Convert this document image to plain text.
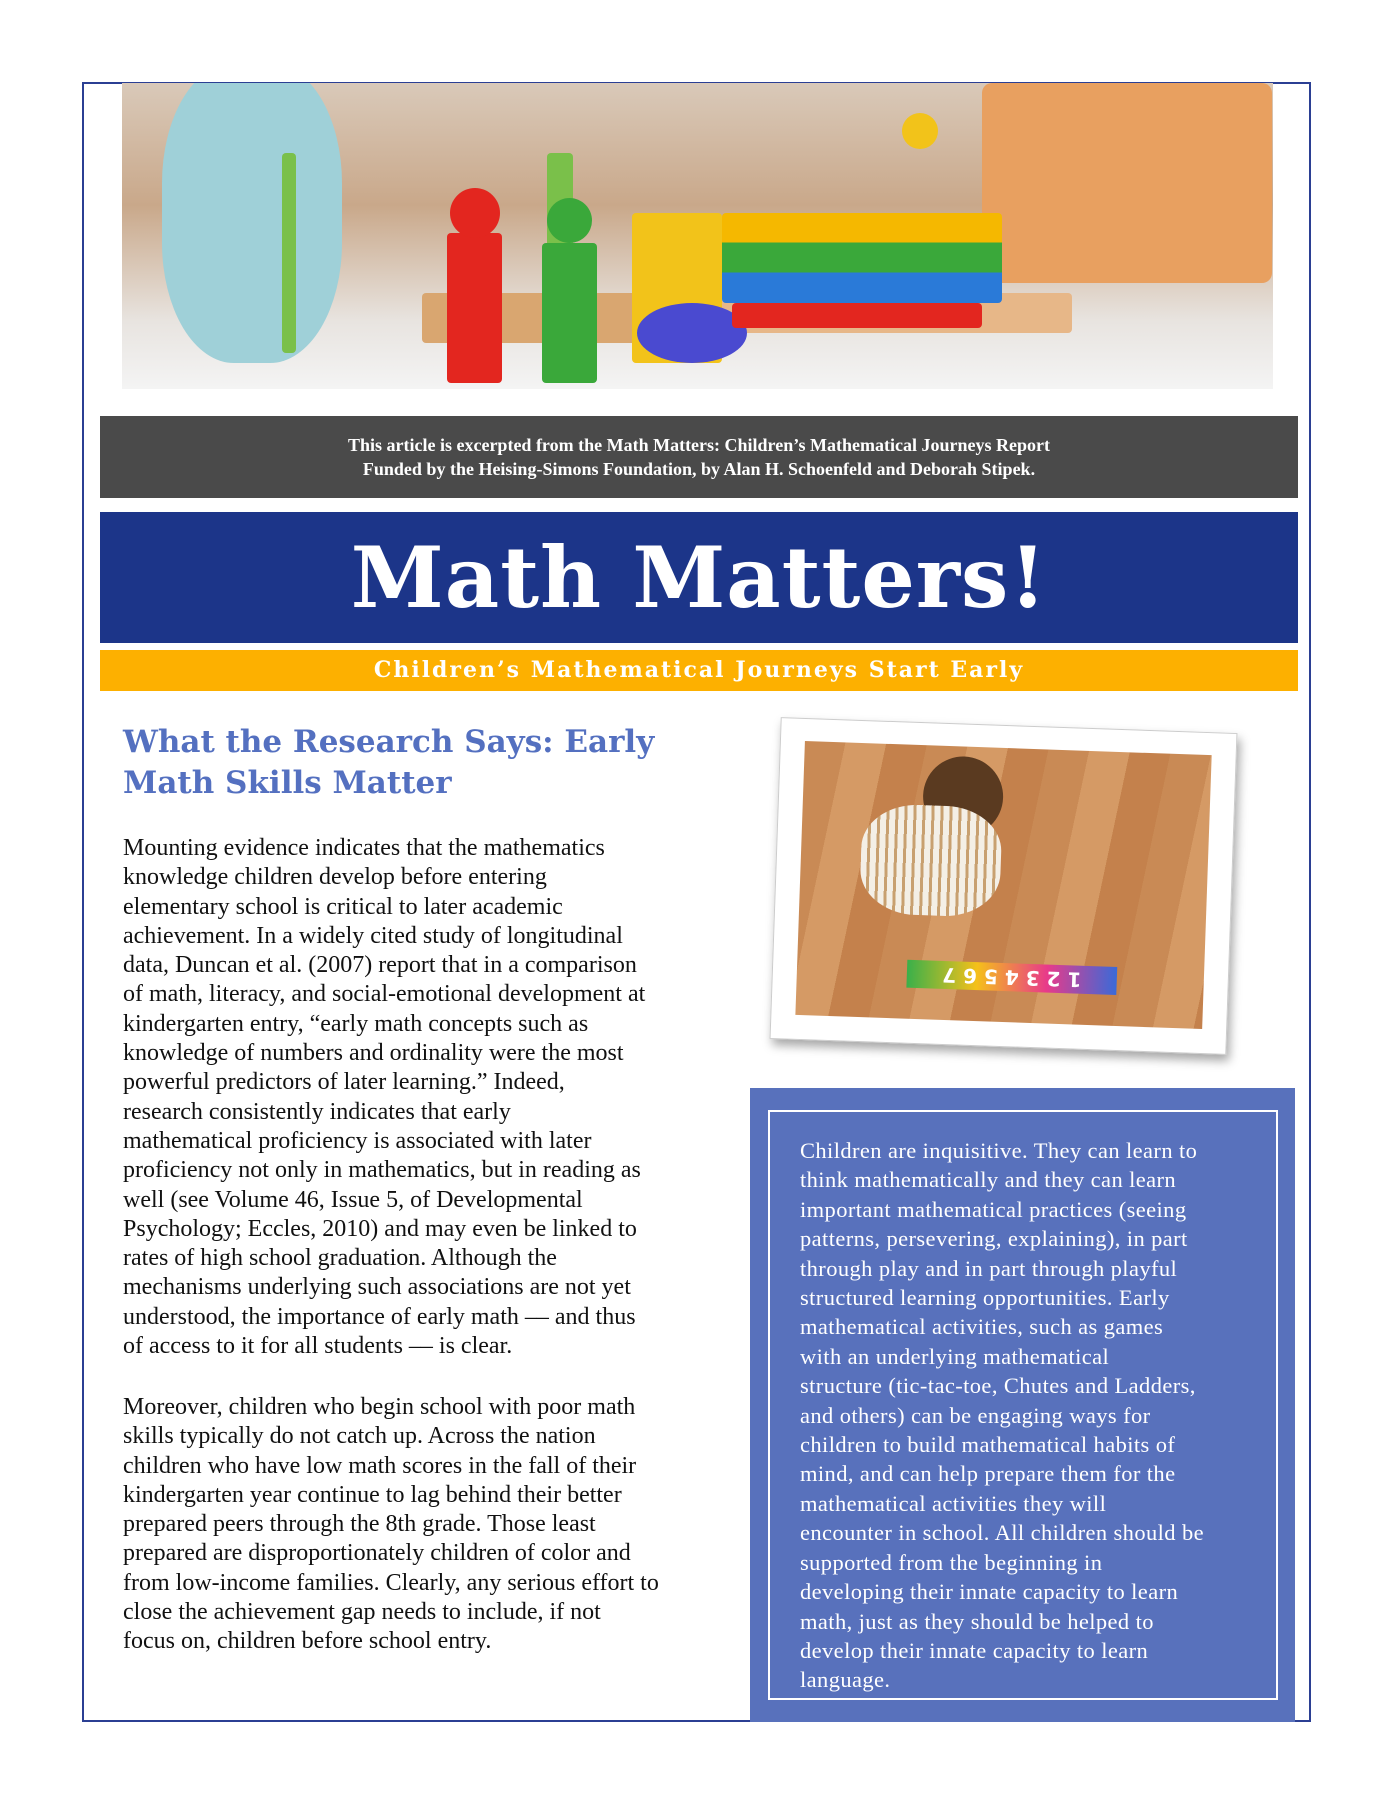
This article is excerpted from the Math Matters: Children’s Mathematical Journeys Report
Funded by the Heising-Simons Foundation, by Alan H. Schoenfeld and Deborah Stipek.
Math Matters!
Children’s Mathematical Journeys Start Early
What the Research Says: Early
Math Skills Matter
Mounting evidence indicates that the mathematics
knowledge children develop before entering
elementary school is critical to later academic
achievement. In a widely cited study of longitudinal
data, Duncan et al. (2007) report that in a comparison
of math, literacy, and social-emotional development at
kindergarten entry, “early math concepts such as
knowledge of numbers and ordinality were the most
powerful predictors of later learning.” Indeed,
research consistently indicates that early
mathematical proficiency is associated with later
proficiency not only in mathematics, but in reading as
well (see Volume 46, Issue 5, of Developmental
Psychology; Eccles, 2010) and may even be linked to
rates of high school graduation. Although the
mechanisms underlying such associations are not yet
understood, the importance of early math –– and thus
of access to it for all students –– is clear.
Moreover, children who begin school with poor math
skills typically do not catch up. Across the nation
children who have low math scores in the fall of their
kindergarten year continue to lag behind their better
prepared peers through the 8th grade. Those least
prepared are disproportionately children of color and
from low-income families. Clearly, any serious effort to
close the achievement gap needs to include, if not
focus on, children before school entry.
1 2 3 4 5 6 7
Children are inquisitive. They can learn to
think mathematically and they can learn
important mathematical practices (seeing
patterns, persevering, explaining), in part
through play and in part through playful
structured learning opportunities. Early
mathematical activities, such as games
with an underlying mathematical
structure (tic-tac-toe, Chutes and Ladders,
and others) can be engaging ways for
children to build mathematical habits of
mind, and can help prepare them for the
mathematical activities they will
encounter in school. All children should be
supported from the beginning in
developing their innate capacity to learn
math, just as they should be helped to
develop their innate capacity to learn
language.
